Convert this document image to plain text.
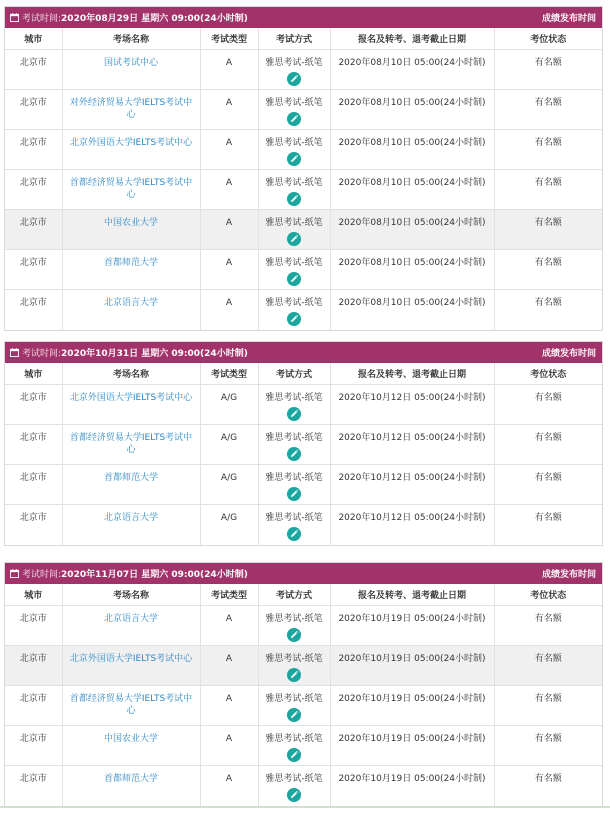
考试时间: 2020年08月29日 星期六 09:00(24小时制)	成绩发布时间
城市	考场名称	考试类型	考试方式	报名及转考、退考截止日期	考位状态
北京市	国试考试中心	A	雅思考试-纸笔	2020年08月10日 05:00(24小时制)	有名额
北京市	对外经济贸易大学IELTS考试中心	A	雅思考试-纸笔	2020年08月10日 05:00(24小时制)	有名额
北京市	北京外国语大学IELTS考试中心	A	雅思考试-纸笔	2020年08月10日 05:00(24小时制)	有名额
北京市	首都经济贸易大学IELTS考试中心	A	雅思考试-纸笔	2020年08月10日 05:00(24小时制)	有名额
北京市	中国农业大学	A	雅思考试-纸笔	2020年08月10日 05:00(24小时制)	有名额
北京市	首都师范大学	A	雅思考试-纸笔	2020年08月10日 05:00(24小时制)	有名额
北京市	北京语言大学	A	雅思考试-纸笔	2020年08月10日 05:00(24小时制)	有名额
考试时间: 2020年10月31日 星期六 09:00(24小时制)	成绩发布时间
城市	考场名称	考试类型	考试方式	报名及转考、退考截止日期	考位状态
北京市	北京外国语大学IELTS考试中心	A/G	雅思考试-纸笔	2020年10月12日 05:00(24小时制)	有名额
北京市	首都经济贸易大学IELTS考试中心	A/G	雅思考试-纸笔	2020年10月12日 05:00(24小时制)	有名额
北京市	首都师范大学	A/G	雅思考试-纸笔	2020年10月12日 05:00(24小时制)	有名额
北京市	北京语言大学	A/G	雅思考试-纸笔	2020年10月12日 05:00(24小时制)	有名额
考试时间: 2020年11月07日 星期六 09:00(24小时制)	成绩发布时间
城市	考场名称	考试类型	考试方式	报名及转考、退考截止日期	考位状态
北京市	北京语言大学	A	雅思考试-纸笔	2020年10月19日 05:00(24小时制)	有名额
北京市	北京外国语大学IELTS考试中心	A	雅思考试-纸笔	2020年10月19日 05:00(24小时制)	有名额
北京市	首都经济贸易大学IELTS考试中心	A	雅思考试-纸笔	2020年10月19日 05:00(24小时制)	有名额
北京市	中国农业大学	A	雅思考试-纸笔	2020年10月19日 05:00(24小时制)	有名额
北京市	首都师范大学	A	雅思考试-纸笔	2020年10月19日 05:00(24小时制)	有名额
